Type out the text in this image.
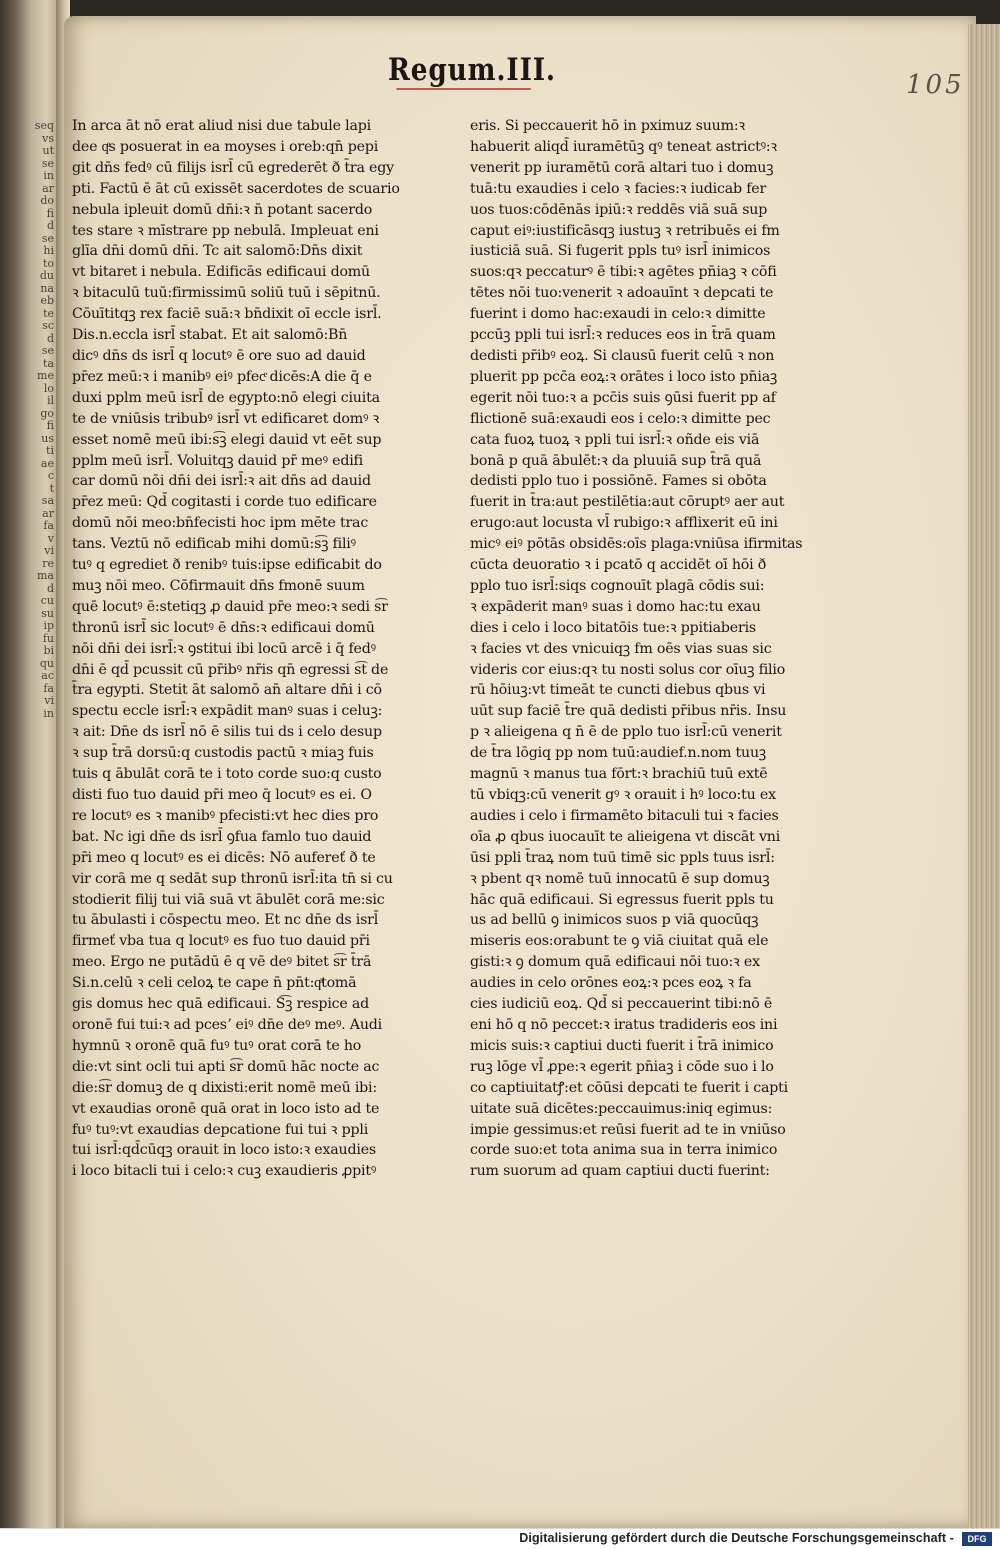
seq
vs
ut
se
in
ar
do
fi
d
se
hi
to
du
na
eb
te
sc
d
se
ta
me
lo
il
go
fi
us
ti
ae
c
t
sa
ar
fa
v
vi
re
ma
d
cu
su
ip
fu
bi
qu
ac
fa
vi
in
Regum.III.	105
In arca āt nō erat aliud nisi due tabule lapi
dee qͤs posuerat in ea moyses i oreb:qn̄ pepi
git dn̄s fedꝰ cū filijs isrl̄ cū egrederēt ð t̄ra egy
pti. Factū ē āt cū exissēt sacerdotes de scuario
nebula ipleuit domū dn̄i:ꝛ n̄ potant sacerdo
tes stare ꝛ mīstrare pp nebulā. Impleuat eni
glīa dn̄i domū dn̄i. Tc ait salomō:Dn̄s dixit
vt bitaret i nebula. Edificās edificaui domū
ꝛ bitaculū tuū:firmissimū soliū tuū i sēpitnū.
Cōuītitqꝫ rex faciē suā:ꝛ bn̄dixit oī eccle isrl̄.
Dis.n.eccla isrl̄ stabat. Et ait salomō:Bn̄
dicꝰ dn̄s ds isrl̄ q locutꝰ ē ore suo ad dauid
pr̄ez meū:ꝛ i manibꝰ eiꝰ pfecͤ dicēs:A die q̄ e
duxi pplm meū isrl̄ de egypto:nō elegi ciuita
te de vniūsis tribubꝰ isrl̄ vt edificaret domꝰ ꝛ
esset nomē meū ibi:s͡ꝫ elegi dauid vt eēt sup
pplm meū isrl̄. Voluitqꝫ dauid pr̄ meꝰ edifi
car domū nōi dn̄i dei isrl̄:ꝛ ait dn̄s ad dauid
pr̄ez meū: Qd̄ cogitasti i corde tuo edificare
domū nōi meo:bn̄fecisti hoc ipm mēte trac
tans. Veztū nō edificab mihi domū:s͡ꝫ filiꝰ
tuꝰ q egrediet ð renibꝰ tuis:ipse edificabit do
muꝫ nōi meo. Cōfirmauit dn̄s fmonē suum
quē locutꝰ ē:stetiqꝫ ꝓ dauid pr̄e meo:ꝛ sedi s͡r
thronū isrl̄ sic locutꝰ ē dn̄s:ꝛ edificaui domū
nōi dn̄i dei isrl̄:ꝛ ꝯstitui ibi locū arcē i q̄ fedꝰ
dn̄i ē qd̄ pcussit cū pr̄ibꝰ nr̄is qn̄ egressi s͡t de
t̄ra egypti. Stetit āt salomō an̄ altare dn̄i i cō
spectu eccle isrl̄:ꝛ expādit manꝰ suas i celuꝫ:
ꝛ ait: Dn̄e ds isrl̄ nō ē silis tui ds i celo desup
ꝛ sup t̄rā dorsū:q custodis pactū ꝛ miaꝫ fuis
tuis q ābulāt corā te i toto corde suo:q custo
disti fuo tuo dauid pr̄i meo q̄ locutꝰ es ei. O
re locutꝰ es ꝛ manibꝰ pfecisti:vt hec dies pro
bat. Nc igi dn̄e ds isrl̄ ꝯfua famlo tuo dauid
pr̄i meo q locutꝰ es ei dicēs: Nō aufereť ð te
vir corā me q sedāt sup thronū isrl̄:ita tn̄ si cu
stodierit filij tui viā suā vt ābulēt corā me:sic
tu ābulasti i cōspectu meo. Et nc dn̄e ds isrl̄
firmeť vba tua q locutꝰ es fuo tuo dauid pr̄i
meo. Ergo ne putādū ē q vē deꝰ bitet s͡r t̄rā
Si.n.celū ꝛ celi celoꝝ te cape n̄ pn̄t:qͣtomā
gis domus hec quā edificaui. S͡ꝫ respice ad
oronē fui tui:ꝛ ad pcesʼ eiꝰ dn̄e deꝰ meꝰ. Audi
hymnū ꝛ oronē quā fuꝰ tuꝰ orat corā te ho
die:vt sint ocli tui apti s͡r domū hāc nocte ac
die:s͡r domuꝫ de q dixisti:erit nomē meū ibi:
vt exaudias oronē quā orat in loco isto ad te
fuꝰ tuꝰ:vt exaudias depcatione fui tui ꝛ ppli
tui isrl̄:qd̄cūqꝫ orauit in loco isto:ꝛ exaudies
i loco bitacli tui i celo:ꝛ cuꝫ exaudieris ꝓpitꝰ
eris. Si peccauerit hō in pximuz suum:ꝛ
habuerit aliqd̄ iuramētūꝫ qꝰ teneat astrictꝰ:ꝛ
venerit pp iuramētū corā altari tuo i domuꝫ
tuā:tu exaudies i celo ꝛ facies:ꝛ iudicab fer
uos tuos:cōdēnās ipiū:ꝛ reddēs viā suā sup
caput eiꝰ:iustificāsqꝫ iustuꝫ ꝛ retribuēs ei fm
iusticiā suā. Si fugerit ppls tuꝰ isrl̄ inimicos
suos:qꝛ peccaturꝰ ē tibi:ꝛ agētes pn̄iaꝫ ꝛ cōfi
tētes nōi tuo:venerit ꝛ adoauīnt ꝛ depcati te
fuerint i domo hac:exaudi in celo:ꝛ dimitte
pccūꝫ ppli tui isrl̄:ꝛ reduces eos in t̄rā quam
dedisti pr̄ibꝰ eoꝝ. Si clausū fuerit celū ꝛ non
pluerit pp pcc̄a eoꝝ:ꝛ orātes i loco isto pn̄iaꝫ
egerit nōi tuo:ꝛ a pcc̄is suis ꝯūsi fuerit pp af
flictionē suā:exaudi eos i celo:ꝛ dimitte pec
cata fuoꝝ tuoꝝ ꝛ ppli tui isrl̄:ꝛ oñde eis viā
bonā p quā ābulēt:ꝛ da pluuiā sup t̄rā quā
dedisti pplo tuo i possiōnē. Fames si obōta
fuerit in t̄ra:aut pestilētia:aut cōruptꝰ aer aut
erugo:aut locusta vl̄ rubigo:ꝛ afflixerit eū ini
micꝰ eiꝰ pōtās obsidēs:oīs plaga:vniūsa ifirmitas
cūcta deuoratio ꝛ i pcatō q accidēt oī hōi ð
pplo tuo isrl̄:siqs cognouīt plagā cōdis sui:
ꝛ expāderit manꝰ suas i domo hac:tu exau
dies i celo i loco bitatōis tue:ꝛ ppitiaberis
ꝛ facies vt des vnicuiqꝫ fm oēs vias suas sic
videris cor eius:qꝛ tu nosti solus cor oīuꝫ filio
rū hōiuꝫ:vt timeāt te cuncti diebus qbus vi
uūt sup faciē t̄re quā dedisti pr̄ibus nr̄is. Insu
p ꝛ alieigena q n̄ ē de pplo tuo isrl̄:cū venerit
de t̄ra lōgiq pp nom tuū:audief.n.nom tuuꝫ
magnū ꝛ manus tua fōrt:ꝛ brachiū tuū extē
tū vbiqꝫ:cū venerit gꝰ ꝛ orauit i hꝰ loco:tu ex
audies i celo i firmamēto bitaculi tui ꝛ facies
oīa ꝓ qbus iuocauīt te alieigena vt discāt vni
ūsi ppli t̄raꝝ nom tuū timē sic ppls tuus isrl̄:
ꝛ pbent qꝛ nomē tuū innocatū ē sup domuꝫ
hāc quā edificaui. Si egressus fuerit ppls tu
us ad bellū ꝯ inimicos suos p viā quocūqꝫ
miseris eos:orabunt te ꝯ viā ciuitat quā ele
gisti:ꝛ ꝯ domum quā edificaui nōi tuo:ꝛ ex
audies in celo orōnes eoꝝ:ꝛ pces eoꝝ ꝛ fa
cies iudiciū eoꝝ. Qd̄ si peccauerint tibi:nō ē
eni hō q nō peccet:ꝛ iratus tradideris eos ini
micis suis:ꝛ captiui ducti fuerit i t̄rā inimico
ruꝫ lōge vl̄ ꝓpe:ꝛ egerit pn̄iaꝫ i cōde suo i lo
co captiuitatꝭ:et cōūsi depcati te fuerit i capti
uitate suā dicētes:peccauimus:iniq egimus:
impie gessimus:et reūsi fuerit ad te in vniūso
corde suo:et tota anima sua in terra inimico
rum suorum ad quam captiui ducti fuerint:
Digitalisierung gefördert durch die Deutsche Forschungsgemeinschaft -	DFG
